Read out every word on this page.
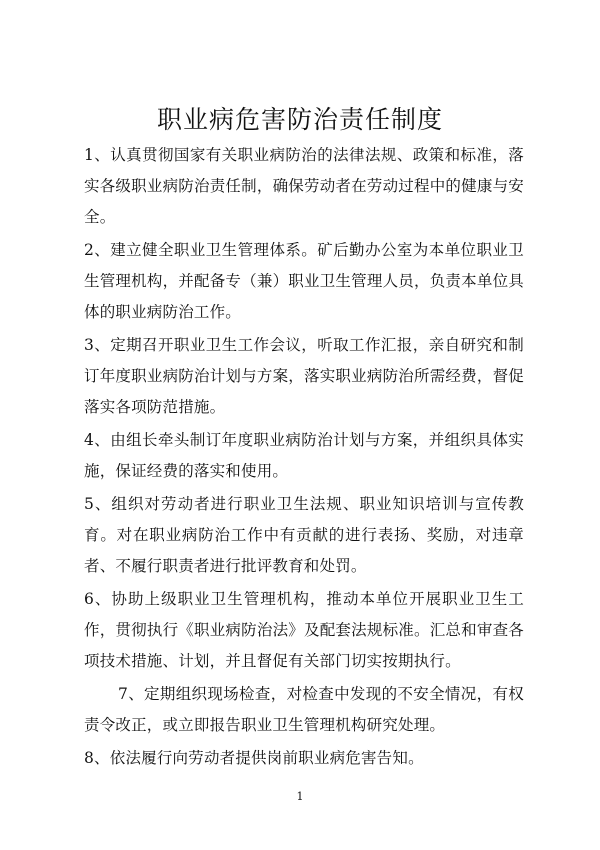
职业病危害防治责任制度

1、认真贯彻国家有关职业病防治的法律法规、政策和标准，落实各级职业病防治责任制，确保劳动者在劳动过程中的健康与安全。

2、建立健全职业卫生管理体系。矿后勤办公室为本单位职业卫生管理机构，并配备专（兼）职业卫生管理人员，负责本单位具体的职业病防治工作。

3、定期召开职业卫生工作会议，听取工作汇报，亲自研究和制订年度职业病防治计划与方案，落实职业病防治所需经费，督促落实各项防范措施。

4、由组长牵头制订年度职业病防治计划与方案，并组织具体实施，保证经费的落实和使用。

5、组织对劳动者进行职业卫生法规、职业知识培训与宣传教育。对在职业病防治工作中有贡献的进行表扬、奖励，对违章者、不履行职责者进行批评教育和处罚。

6、协助上级职业卫生管理机构，推动本单位开展职业卫生工作，贯彻执行《职业病防治法》及配套法规标准。汇总和审查各项技术措施、计划，并且督促有关部门切实按期执行。

7、定期组织现场检查，对检查中发现的不安全情况，有权责令改正，或立即报告职业卫生管理机构研究处理。

8、依法履行向劳动者提供岗前职业病危害告知。

1
